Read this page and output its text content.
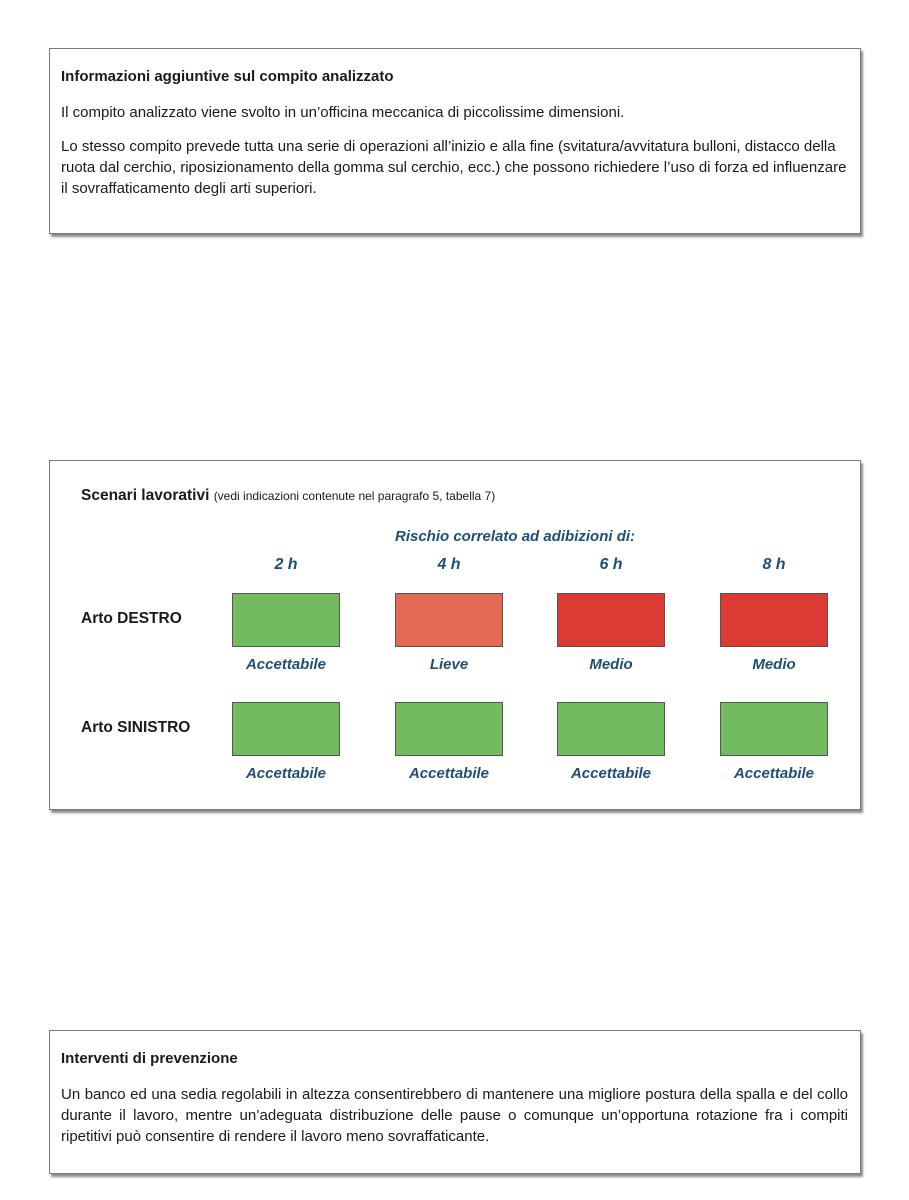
Informazioni aggiuntive sul compito analizzato
Il compito analizzato viene svolto in un’officina meccanica di piccolissime dimensioni.
Lo stesso compito prevede tutta una serie di operazioni all’inizio e alla fine (svitatura/avvitatura bulloni, distacco della ruota dal cerchio, riposizionamento della gomma sul cerchio, ecc.) che possono richiedere l’uso di forza ed influenzare il sovraffaticamento degli arti superiori.
Scenari lavorativi (vedi indicazioni contenute nel paragrafo 5, tabella 7)
Rischio correlato ad adibizioni di:
2 h	4 h	6 h	8 h
Arto DESTRO
Accettabile	Lieve	Medio	Medio
Arto SINISTRO
Accettabile	Accettabile	Accettabile	Accettabile
Interventi di prevenzione
Un banco ed una sedia regolabili in altezza consentirebbero di mantenere una migliore postura della spalla e del collo durante il lavoro, mentre un’adeguata distribuzione delle pause o comunque un’opportuna rotazione fra i compiti ripetitivi può consentire di rendere il lavoro meno sovraffaticante.
